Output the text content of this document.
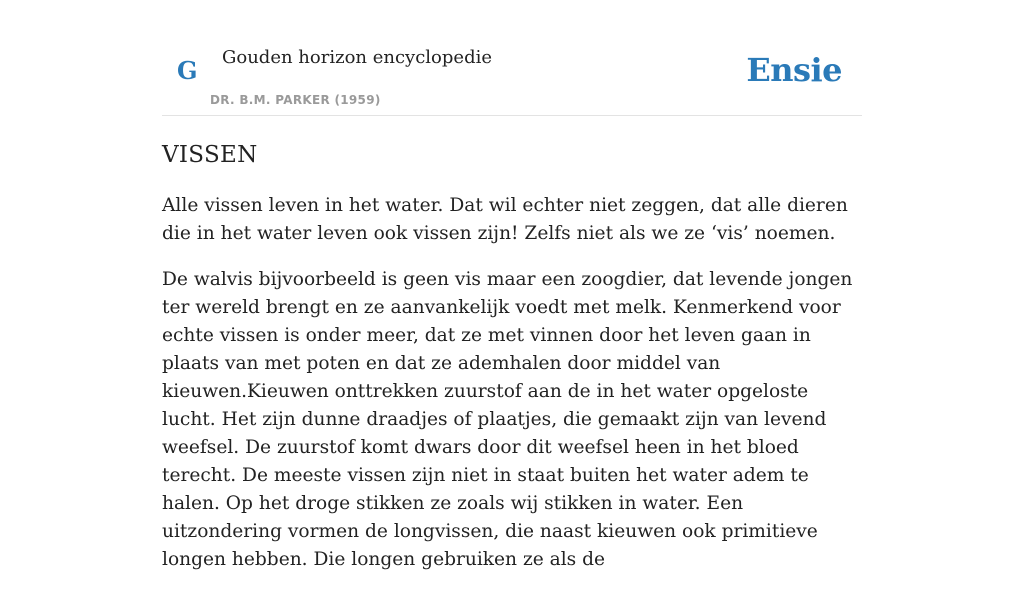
G Gouden horizon encyclopedie
DR. B.M. PARKER (1959)
Ensie
VISSEN

Alle vissen leven in het water. Dat wil echter niet zeggen, dat alle dieren die in het water leven ook vissen zijn! Zelfs niet als we ze ‘vis’ noemen.

De walvis bijvoorbeeld is geen vis maar een zoogdier, dat levende jongen ter wereld brengt en ze aanvankelijk voedt met melk. Kenmerkend voor echte vissen is onder meer, dat ze met vinnen door het leven gaan in plaats van met poten en dat ze ademhalen door middel van kieuwen.Kieuwen onttrekken zuurstof aan de in het water opgeloste lucht. Het zijn dunne draadjes of plaatjes, die gemaakt zijn van levend weefsel. De zuurstof komt dwars door dit weefsel heen in het bloed terecht. De meeste vissen zijn niet in staat buiten het water adem te halen. Op het droge stikken ze zoals wij stikken in water. Een uitzondering vormen de longvissen, die naast kieuwen ook primitieve longen hebben. Die longen gebruiken ze als de
